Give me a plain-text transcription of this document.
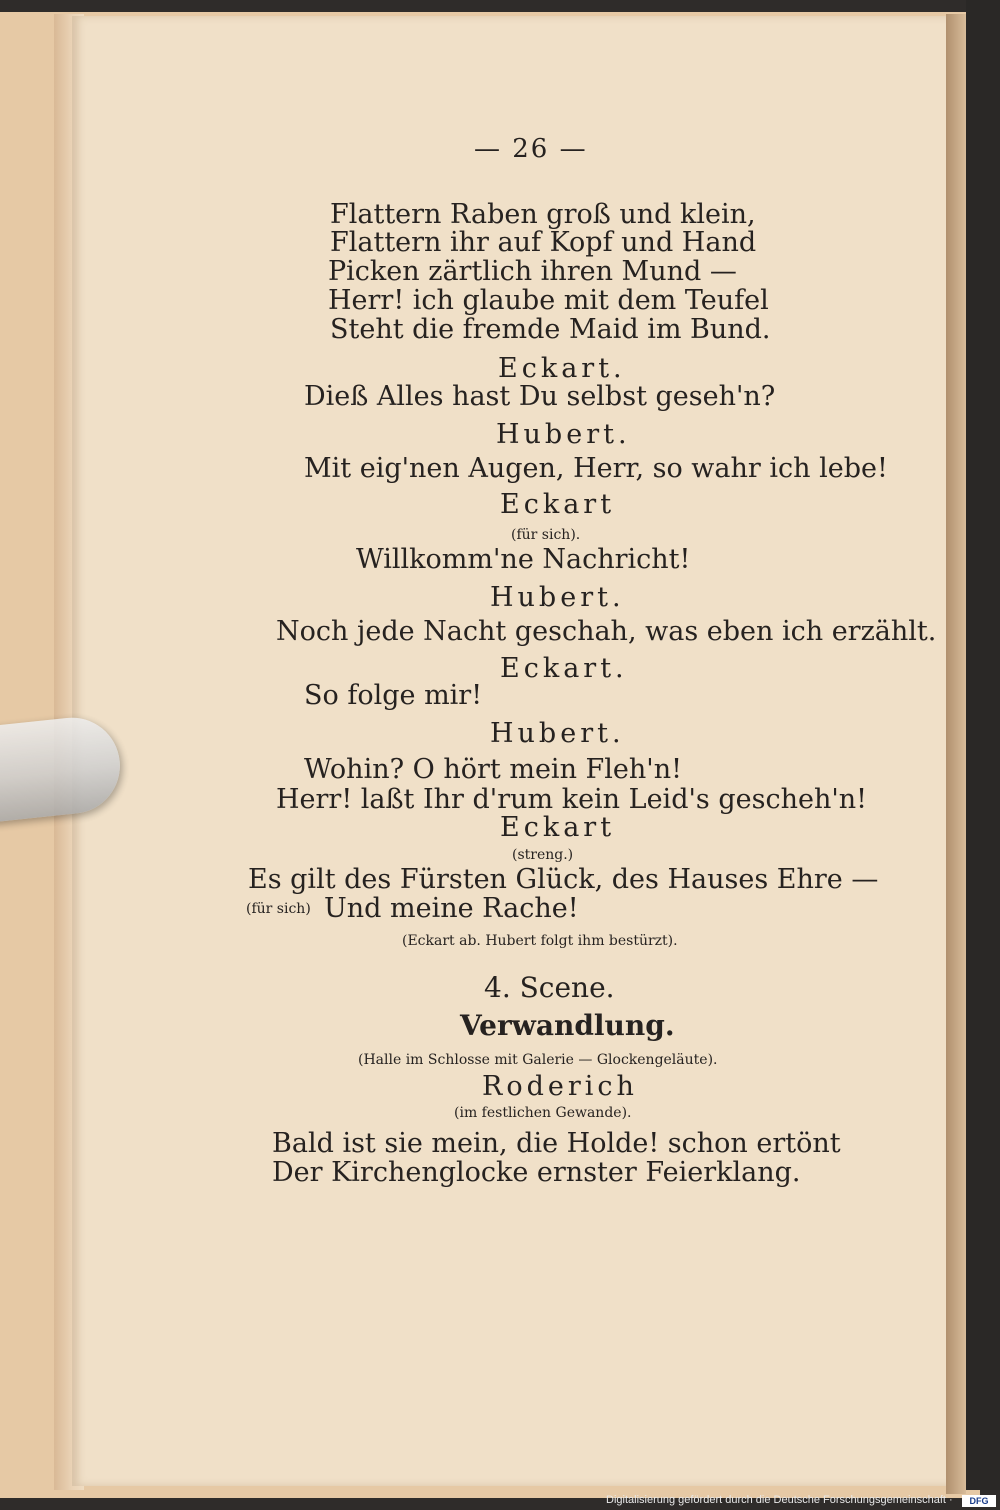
— 26 —
Flattern Raben groß und klein,
Flattern ihr auf Kopf und Hand
Picken zärtlich ihren Mund —
Herr! ich glaube mit dem Teufel
Steht die fremde Maid im Bund.
Eckart.
Dieß Alles hast Du selbst geseh'n?
Hubert.
Mit eig'nen Augen, Herr, so wahr ich lebe!
Eckart
(für sich).
Willkomm'ne Nachricht!
Hubert.
Noch jede Nacht geschah, was eben ich erzählt.
Eckart.
So folge mir!
Hubert.
Wohin? O hört mein Fleh'n!
Herr! laßt Ihr d'rum kein Leid's gescheh'n!
Eckart
(streng.)
Es gilt des Fürsten Glück, des Hauses Ehre —
(für sich) Und meine Rache!
(Eckart ab. Hubert folgt ihm bestürzt).
4. Scene.
Verwandlung.
(Halle im Schlosse mit Galerie — Glockengeläute).
Roderich
(im festlichen Gewande).
Bald ist sie mein, die Holde! schon ertönt
Der Kirchenglocke ernster Feierklang.
Digitalisierung gefördert durch die Deutsche Forschungsgemeinschaft ·	DFG
